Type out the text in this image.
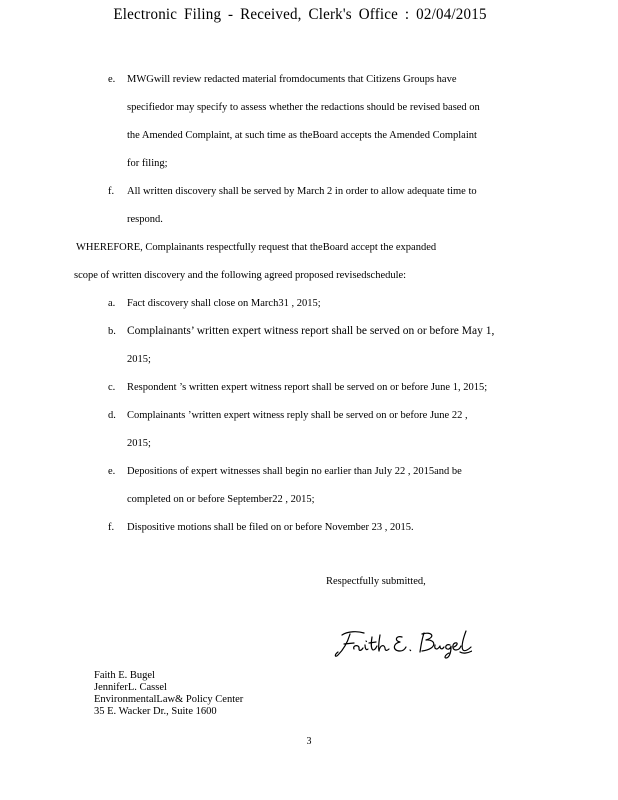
Electronic Filing - Received, Clerk's Office : 02/04/2015
e. MWGwill review redacted material fromdocuments that Citizens Groups have
specifiedor may specify to assess whether the redactions should be revised based on
the Amended Complaint, at such time as theBoard accepts the Amended Complaint
for filing;
f. All written discovery shall be served by March 2 in order to allow adequate time to
respond.
WHEREFORE, Complainants respectfully request that theBoard accept the expanded
scope of written discovery and the following agreed proposed revisedschedule:
a. Fact discovery shall close on March31 , 2015;
b. Complainants’ written expert witness report shall be served on or before May 1,
2015;
c. Respondent ’s written expert witness report shall be served on or before June 1, 2015;
d. Complainants ’written expert witness reply shall be served on or before June 22 ,
2015;
e. Depositions of expert witnesses shall begin no earlier than July 22 , 2015and be
completed on or before September22 , 2015;
f. Dispositive motions shall be filed on or before November 23 , 2015.
Respectfully submitted,
Faith E. Bugel
JenniferL. Cassel
EnvironmentalLaw& Policy Center
35 E. Wacker Dr., Suite 1600
3
